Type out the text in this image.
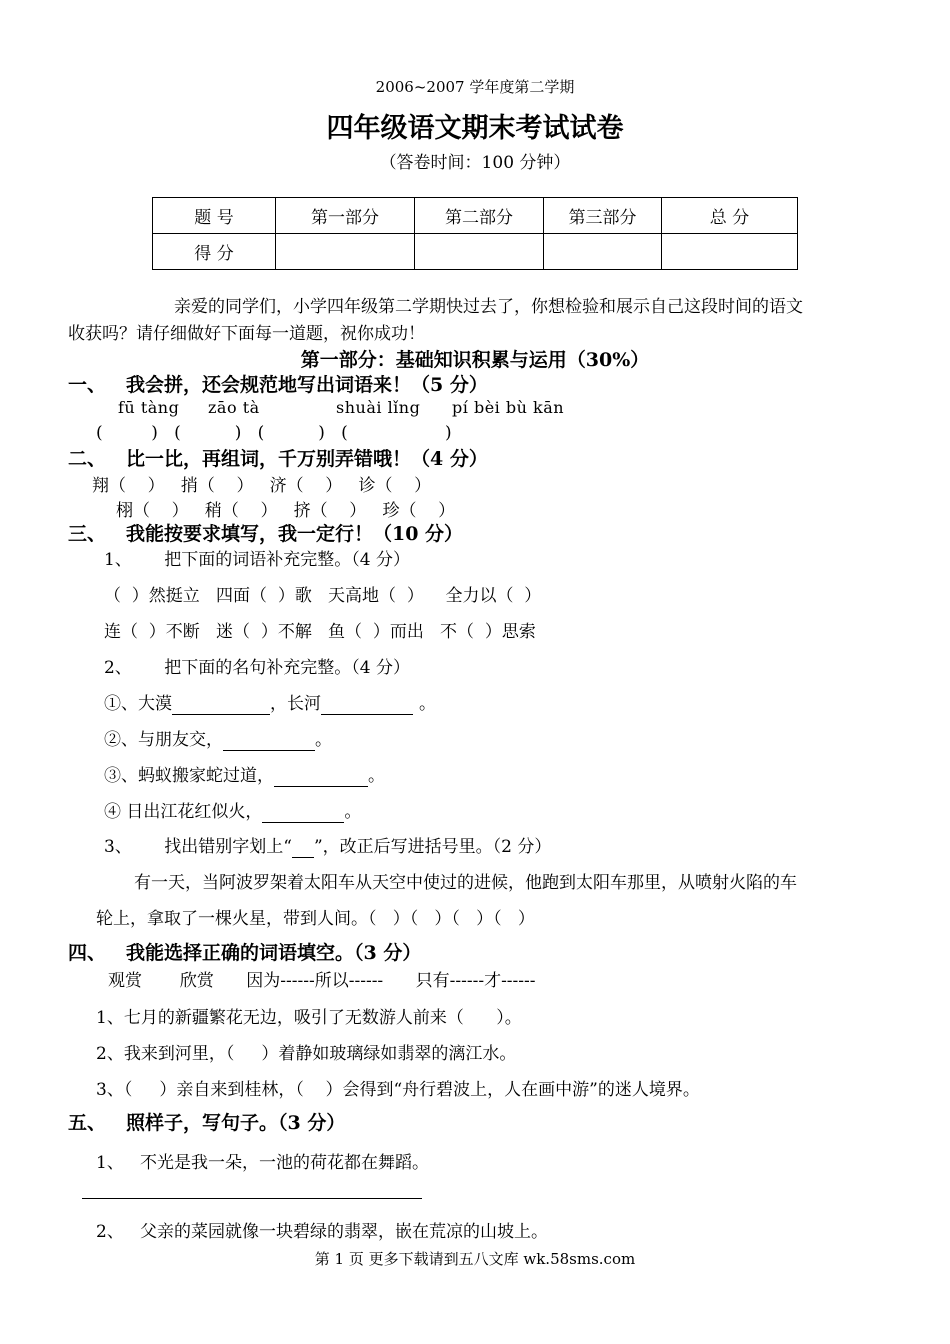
2006~2007 学年度第二学期
四年级语文期末考试试卷
（答卷时间：100 分钟）
题 号	第一部分	第二部分	第三部分	总 分
得 分				
亲爱的同学们，小学四年级第二学期快过去了，你想检验和展示自己这段时间的语文
收获吗？请仔细做好下面每一道题，祝你成功！
第一部分：基础知识积累与运用（30%）
一、 我会拼，还会规范地写出词语来！（5 分）
fū tàng zāo tà	shuài lǐng pí bèi bù kān
(         )   (          )   (          )   (                  )
二、 比一比，再组词，千万别弄错哦！（4 分）
翔（    ）   捎（    ）   济（    ）   诊（    ）
栩（    ）   稍（    ）   挤（    ）   珍（    ）
三、 我能按要求填写，我一定行！（10 分）
1、      把下面的词语补充完整。（4 分）
（  ）然挺立   四面（  ）歌   天高地（  ）    全力以（  ）
连（  ）不断   迷（  ）不解   鱼（  ）而出   不（  ）思索
2、      把下面的名句补充完整。（4 分）
①、大漠	，长河	。
②、与朋友交，	。
③、蚂蚁搬家蛇过道，	。
④ 日出江花红似火，	。
3、      找出错别字划上“ ”，改正后写进括号里。（2 分）
有一天，当阿波罗架着太阳车从天空中使过的进候，他跑到太阳车那里，从喷射火陷的车
轮上，拿取了一棵火星，带到人间。（   ）（   ）（   ）（   ）
四、 我能选择正确的词语填空。（3 分）
观赏       欣赏      因为------所以------      只有------才------
1、七月的新疆繁花无边，吸引了无数游人前来（      ）。
2、我来到河里，（     ）着静如玻璃绿如翡翠的漓江水。
3、（     ）亲自来到桂林，（    ）会得到“舟行碧波上，人在画中游”的迷人境界。
五、 照样子，写句子。（3 分）
1、   不光是我一朵，一池的荷花都在舞蹈。
2、   父亲的菜园就像一块碧绿的翡翠，嵌在荒凉的山坡上。
第 1 页 更多下载请到五八文库 wk.58sms.com
